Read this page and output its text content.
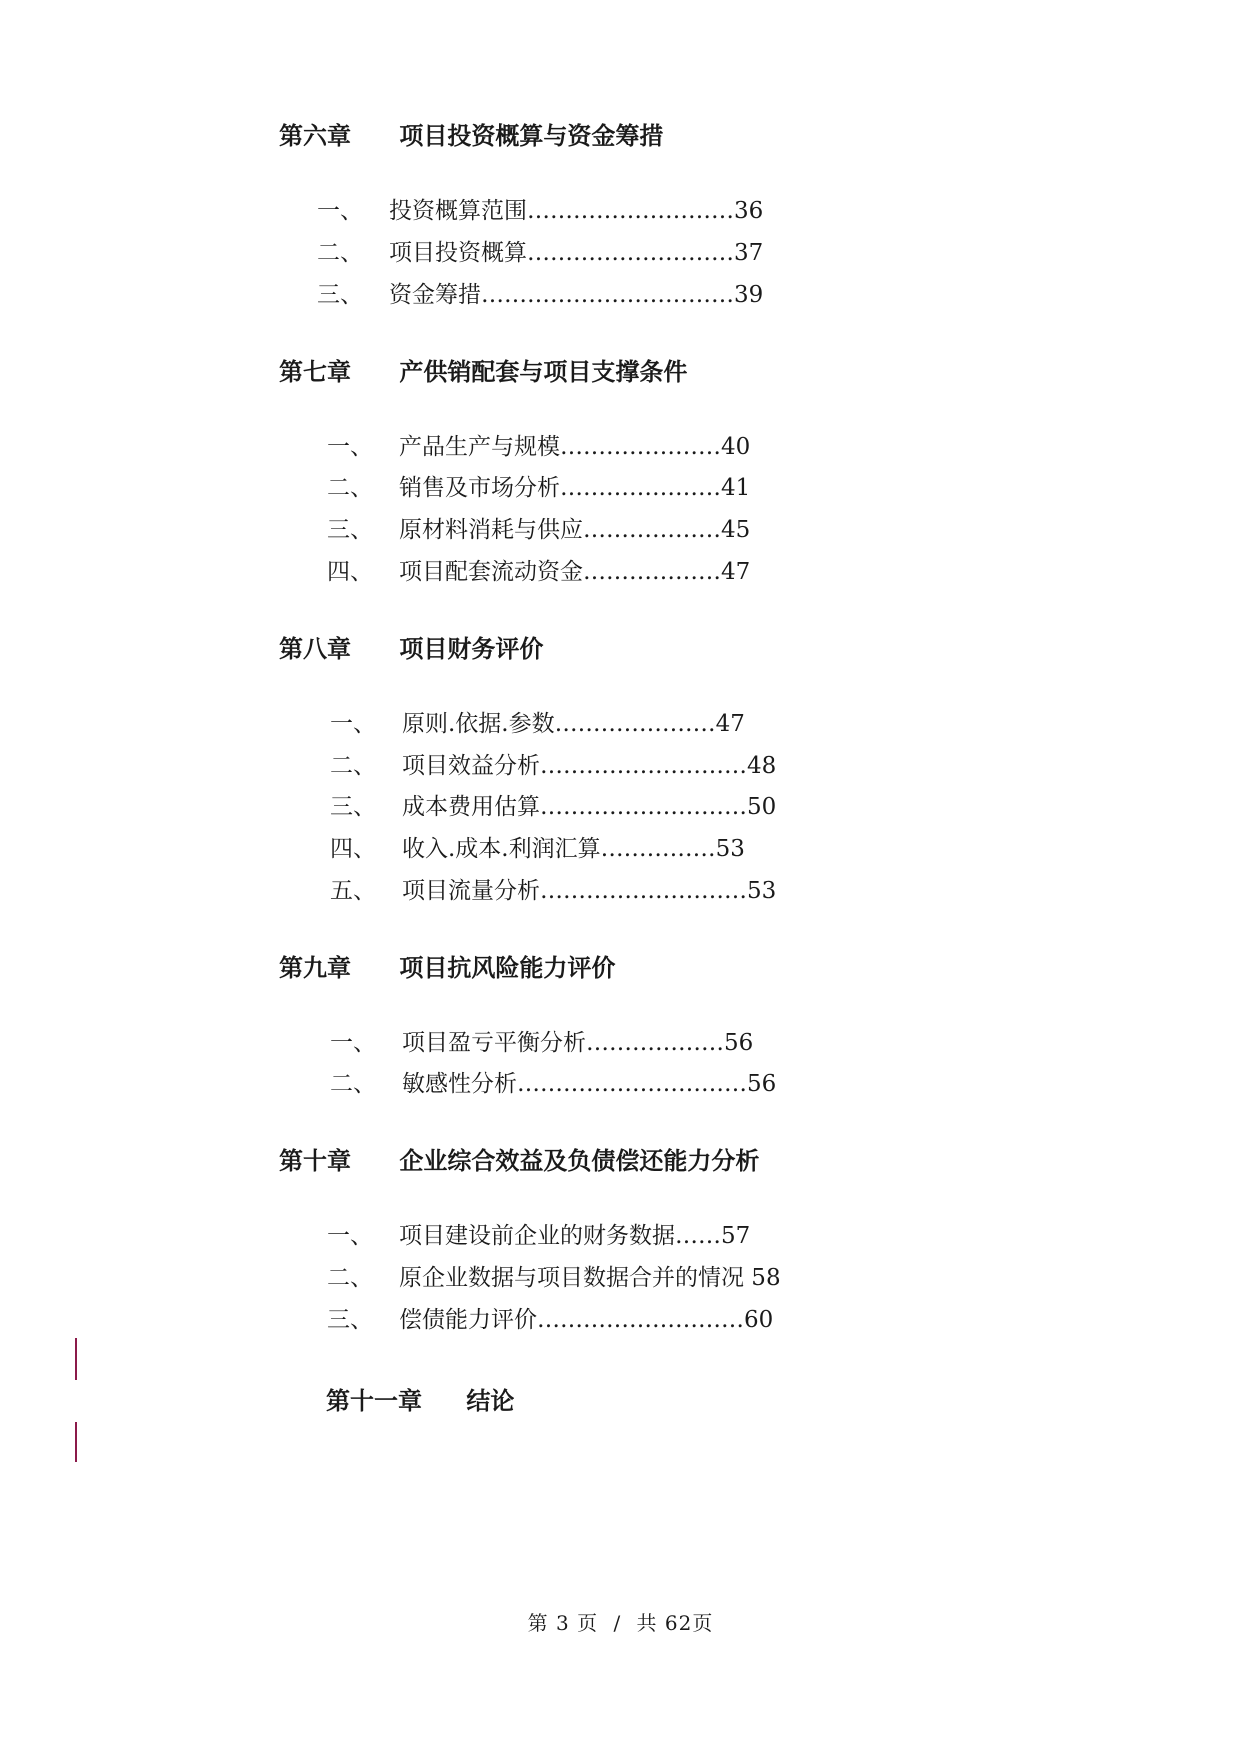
第六章 项目投资概算与资金筹措
一、 投资概算范围………………………36
二、 项目投资概算………………………37
三、 资金筹措……………………………39
第七章 产供销配套与项目支撑条件
一、 产品生产与规模…………………40
二、 销售及市场分析…………………41
三、 原材料消耗与供应………………45
四、 项目配套流动资金………………47
第八章 项目财务评价
一、 原则.依据.参数…………………47
二、 项目效益分析………………………48
三、 成本费用估算………………………50
四、 收入.成本.利润汇算……………53
五、 项目流量分析………………………53
第九章 项目抗风险能力评价
一、 项目盈亏平衡分析………………56
二、 敏感性分析…………………………56
第十章 企业综合效益及负债偿还能力分析
一、 项目建设前企业的财务数据……57
二、 原企业数据与项目数据合并的情况 58
三、 偿债能力评价………………………60
第十一章 结论
第 3 页 / 共 62页
